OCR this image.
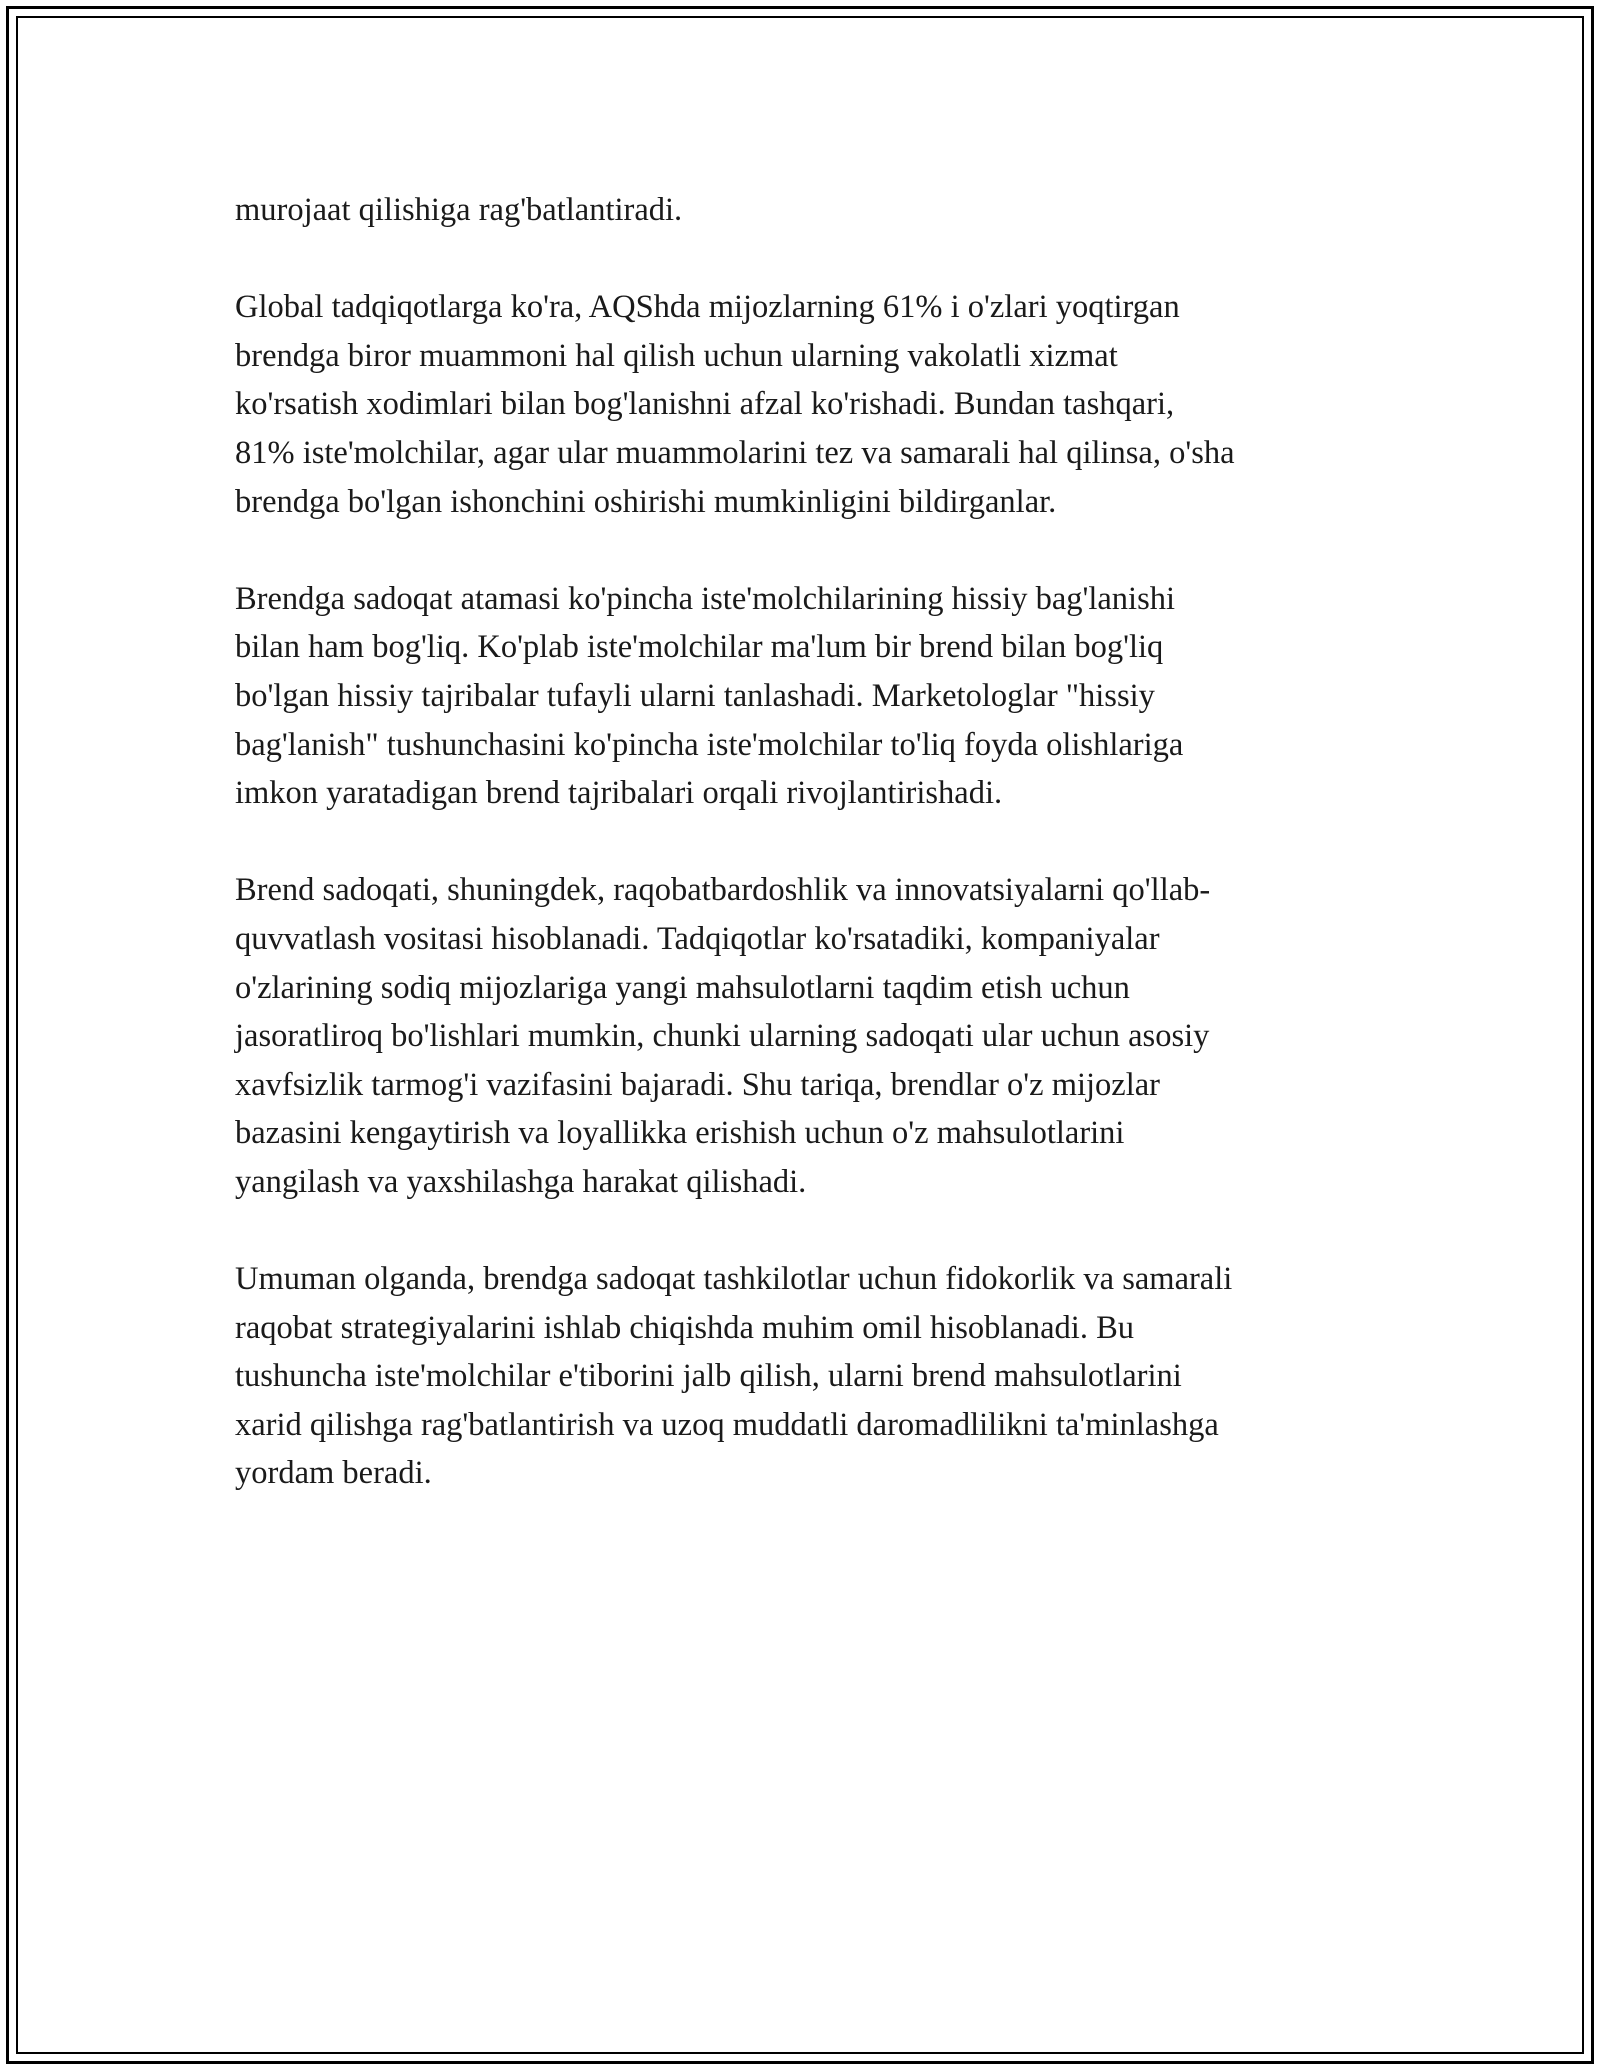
murojaat qilishiga rag'batlantiradi.

Global tadqiqotlarga ko'ra, AQShda mijozlarning 61% i o'zlari yoqtirgan
brendga biror muammoni hal qilish uchun ularning vakolatli xizmat
ko'rsatish xodimlari bilan bog'lanishni afzal ko'rishadi. Bundan tashqari,
81% iste'molchilar, agar ular muammolarini tez va samarali hal qilinsa, o'sha
brendga bo'lgan ishonchini oshirishi mumkinligini bildirganlar.

Brendga sadoqat atamasi ko'pincha iste'molchilarining hissiy bag'lanishi
bilan ham bog'liq. Ko'plab iste'molchilar ma'lum bir brend bilan bog'liq
bo'lgan hissiy tajribalar tufayli ularni tanlashadi. Marketologlar "hissiy
bag'lanish" tushunchasini ko'pincha iste'molchilar to'liq foyda olishlariga
imkon yaratadigan brend tajribalari orqali rivojlantirishadi.

Brend sadoqati, shuningdek, raqobatbardoshlik va innovatsiyalarni qo'llab-
quvvatlash vositasi hisoblanadi. Tadqiqotlar ko'rsatadiki, kompaniyalar
o'zlarining sodiq mijozlariga yangi mahsulotlarni taqdim etish uchun
jasoratliroq bo'lishlari mumkin, chunki ularning sadoqati ular uchun asosiy
xavfsizlik tarmog'i vazifasini bajaradi. Shu tariqa, brendlar o'z mijozlar
bazasini kengaytirish va loyallikka erishish uchun o'z mahsulotlarini
yangilash va yaxshilashga harakat qilishadi.

Umuman olganda, brendga sadoqat tashkilotlar uchun fidokorlik va samarali
raqobat strategiyalarini ishlab chiqishda muhim omil hisoblanadi. Bu
tushuncha iste'molchilar e'tiborini jalb qilish, ularni brend mahsulotlarini
xarid qilishga rag'batlantirish va uzoq muddatli daromadlilikni ta'minlashga
yordam beradi.
